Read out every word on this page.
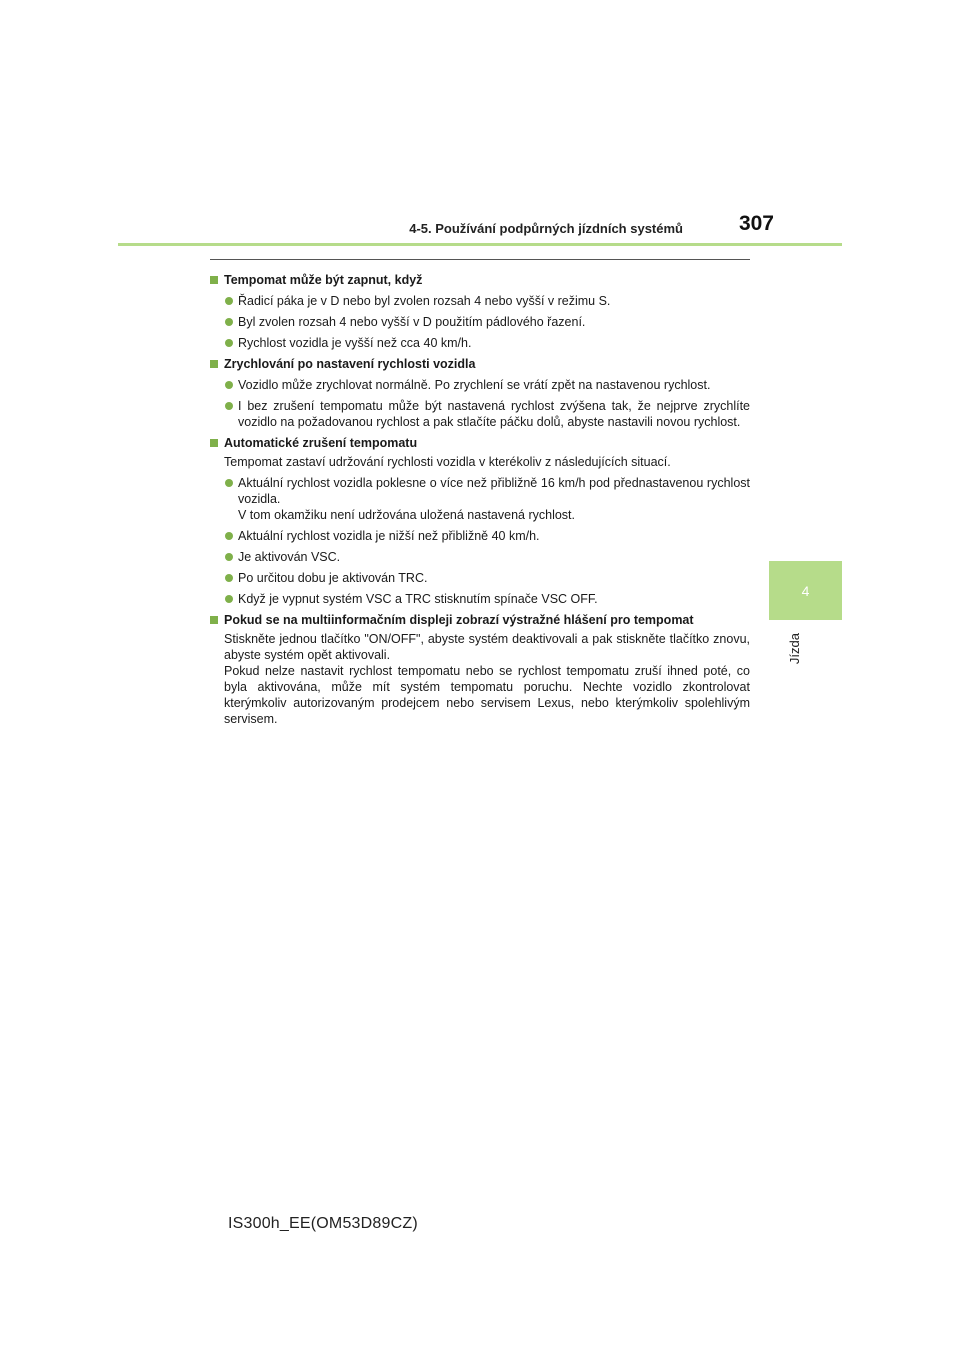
4-5. Používání podpůrných jízdních systémů	307
4
Jízda
Tempomat může být zapnut, když
Řadicí páka je v D nebo byl zvolen rozsah 4 nebo vyšší v režimu S.
Byl zvolen rozsah 4 nebo vyšší v D použitím pádlového řazení.
Rychlost vozidla je vyšší než cca 40 km/h.
Zrychlování po nastavení rychlosti vozidla
Vozidlo může zrychlovat normálně. Po zrychlení se vrátí zpět na nastavenou rychlost.
I bez zrušení tempomatu může být nastavená rychlost zvýšena tak, že nejprve zrychlíte vozidlo na požadovanou rychlost a pak stlačíte páčku dolů, abyste nastavili novou rychlost.
Automatické zrušení tempomatu
Tempomat zastaví udržování rychlosti vozidla v kterékoliv z následujících situací.
Aktuální rychlost vozidla poklesne o více než přibližně 16 km/h pod přednastavenou rychlost vozidla.
V tom okamžiku není udržována uložená nastavená rychlost.
Aktuální rychlost vozidla je nižší než přibližně 40 km/h.
Je aktivován VSC.
Po určitou dobu je aktivován TRC.
Když je vypnut systém VSC a TRC stisknutím spínače VSC OFF.
Pokud se na multiinformačním displeji zobrazí výstražné hlášení pro tempomat
Stiskněte jednou tlačítko "ON/OFF", abyste systém deaktivovali a pak stiskněte tlačítko znovu, abyste systém opět aktivovali.
Pokud nelze nastavit rychlost tempomatu nebo se rychlost tempomatu zruší ihned poté, co byla aktivována, může mít systém tempomatu poruchu. Nechte vozidlo zkontrolovat kterýmkoliv autorizovaným prodejcem nebo servisem Lexus, nebo kterýmkoliv spolehlivým servisem.
IS300h_EE(OM53D89CZ)
